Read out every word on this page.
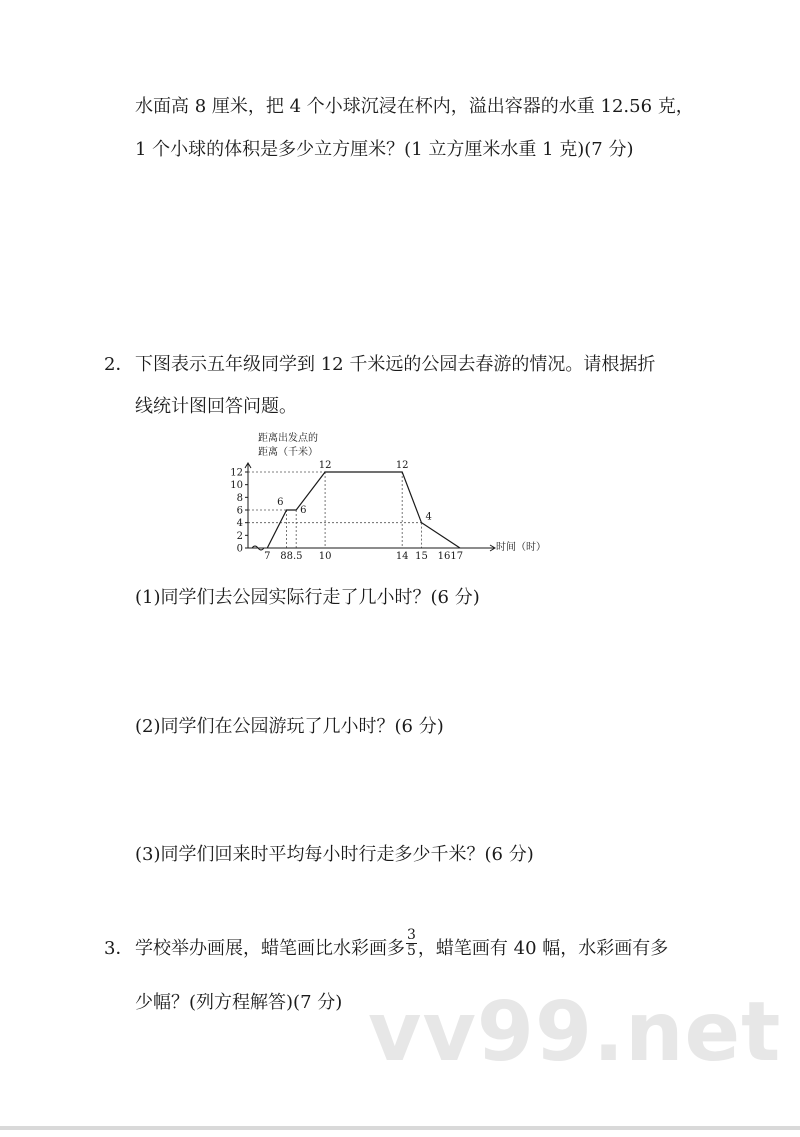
水面高 8 厘米，把 4 个小球沉浸在杯内，溢出容器的水重 12.56 克，
1 个小球的体积是多少立方厘米？(1 立方厘米水重 1 克)(7 分)
2． 下图表示五年级同学到 12 千米远的公园去春游的情况。请根据折
线统计图回答问题。
距离出发点的
距离（千米）
0
2
4
6
8
10
12
7 88.5 10	14 15 1617
时间（时）
6
6
12	12
4
(1)同学们去公园实际行走了几小时？(6 分)
(2)同学们在公园游玩了几小时？(6 分)
(3)同学们回来时平均每小时行走多少千米？(6 分)
3． 学校举办画展，蜡笔画比水彩画多 $\frac{3}{5}$ ，蜡笔画有 40 幅，水彩画有多
少幅？(列方程解答)(7 分) vv99.net
